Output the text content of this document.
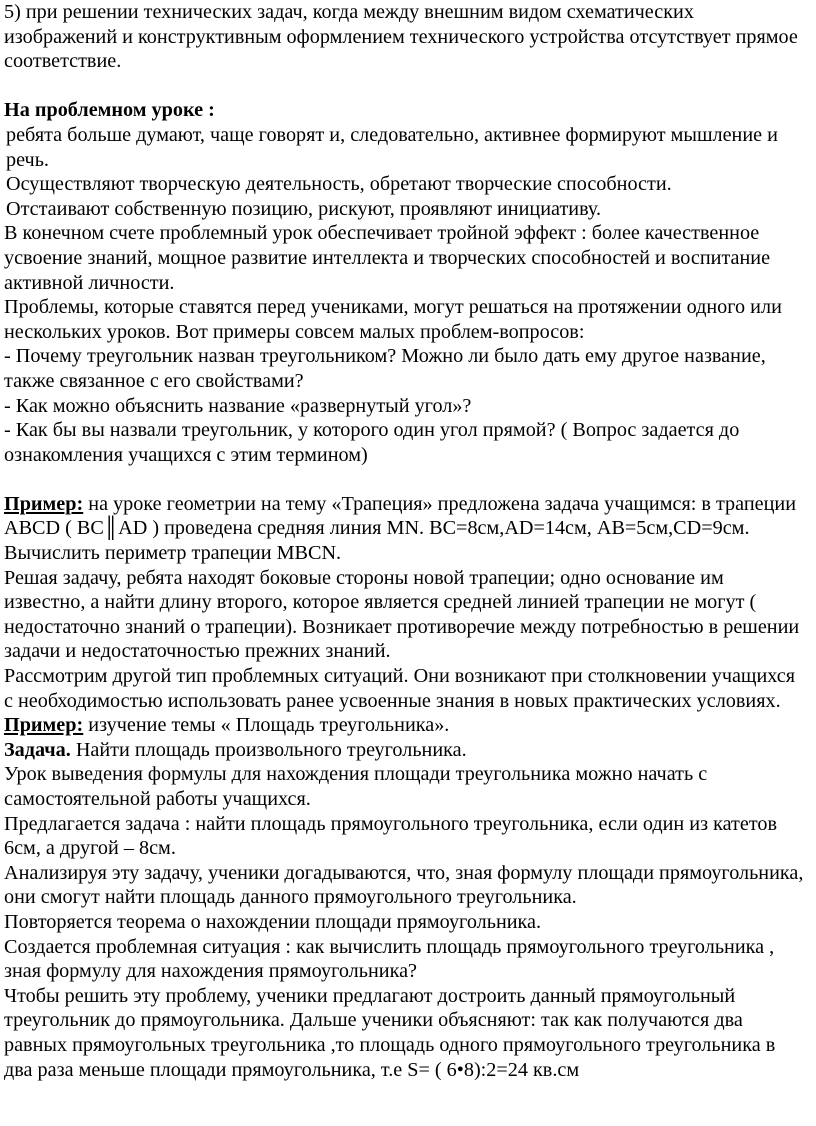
5) при решении технических задач, когда между внешним видом схематических изображений и конструктивным оформлением технического устройства отсутствует прямое соответствие.

На проблемном уроке :

ребята больше думают, чаще говорят и, следовательно, активнее формируют мышление и речь.

Осуществляют творческую деятельность, обретают творческие способности.

Отстаивают собственную позицию, рискуют, проявляют инициативу.

В конечном счете проблемный урок обеспечивает тройной эффект : более качественное усвоение знаний, мощное развитие интеллекта и творческих способностей и воспитание активной личности.

Проблемы, которые ставятся перед учениками, могут решаться на протяжении одного или нескольких уроков. Вот примеры совсем малых проблем-вопросов:

- Почему треугольник назван треугольником? Можно ли было дать ему другое название, также связанное с его свойствами?

- Как можно объяснить название «развернутый угол»?

- Как бы вы назвали треугольник, у которого один угол прямой? ( Вопрос задается до ознакомления учащихся с этим термином)

Пример: на уроке геометрии на тему «Трапеция» предложена задача учащимся: в трапеции ABCD ( BC║AD ) проведена средняя линия MN. BC=8см,AD=14см, AB=5см,CD=9см. Вычислить периметр трапеции MBCN.

Решая задачу, ребята находят боковые стороны новой трапеции; одно основание им известно, а найти длину второго, которое является средней линией трапеции не могут ( недостаточно знаний о трапеции). Возникает противоречие между потребностью в решении задачи и недостаточностью прежних знаний.

Рассмотрим другой тип проблемных ситуаций. Они возникают при столкновении учащихся с необходимостью использовать ранее усвоенные знания в новых практических условиях.

Пример: изучение темы « Площадь треугольника».

Задача. Найти площадь произвольного треугольника.

Урок выведения формулы для нахождения площади треугольника можно начать с самостоятельной работы учащихся.

Предлагается задача : найти площадь прямоугольного треугольника, если один из катетов 6см, а другой – 8см.

Анализируя эту задачу, ученики догадываются, что, зная формулу площади прямоугольника, они смогут найти площадь данного прямоугольного треугольника.

Повторяется теорема о нахождении площади прямоугольника.

Создается проблемная ситуация : как вычислить площадь прямоугольного треугольника , зная формулу для нахождения прямоугольника?

Чтобы решить эту проблему, ученики предлагают достроить данный прямоугольный треугольник до прямоугольника. Дальше ученики объясняют: так как получаются два равных прямоугольных треугольника ,то площадь одного прямоугольного треугольника в два раза меньше площади прямоугольника, т.е S= ( 6•8):2=24 кв.см
